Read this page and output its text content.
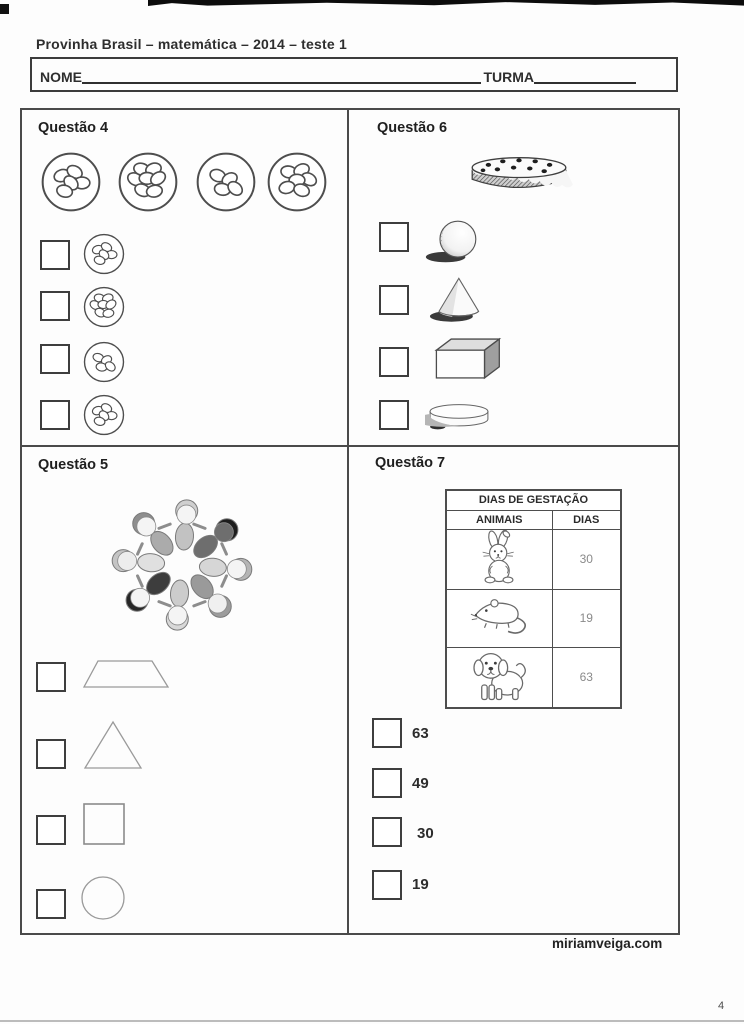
Provinha Brasil – matemática – 2014 – teste 1
NOME	TURMA
Questão 4	Questão 6
Questão 5	Questão 7
DIAS DE GESTAÇÃO	
ANIMAIS	DIAS
	30
	19
	63
63
49
30
19
miriamveiga.com
4
